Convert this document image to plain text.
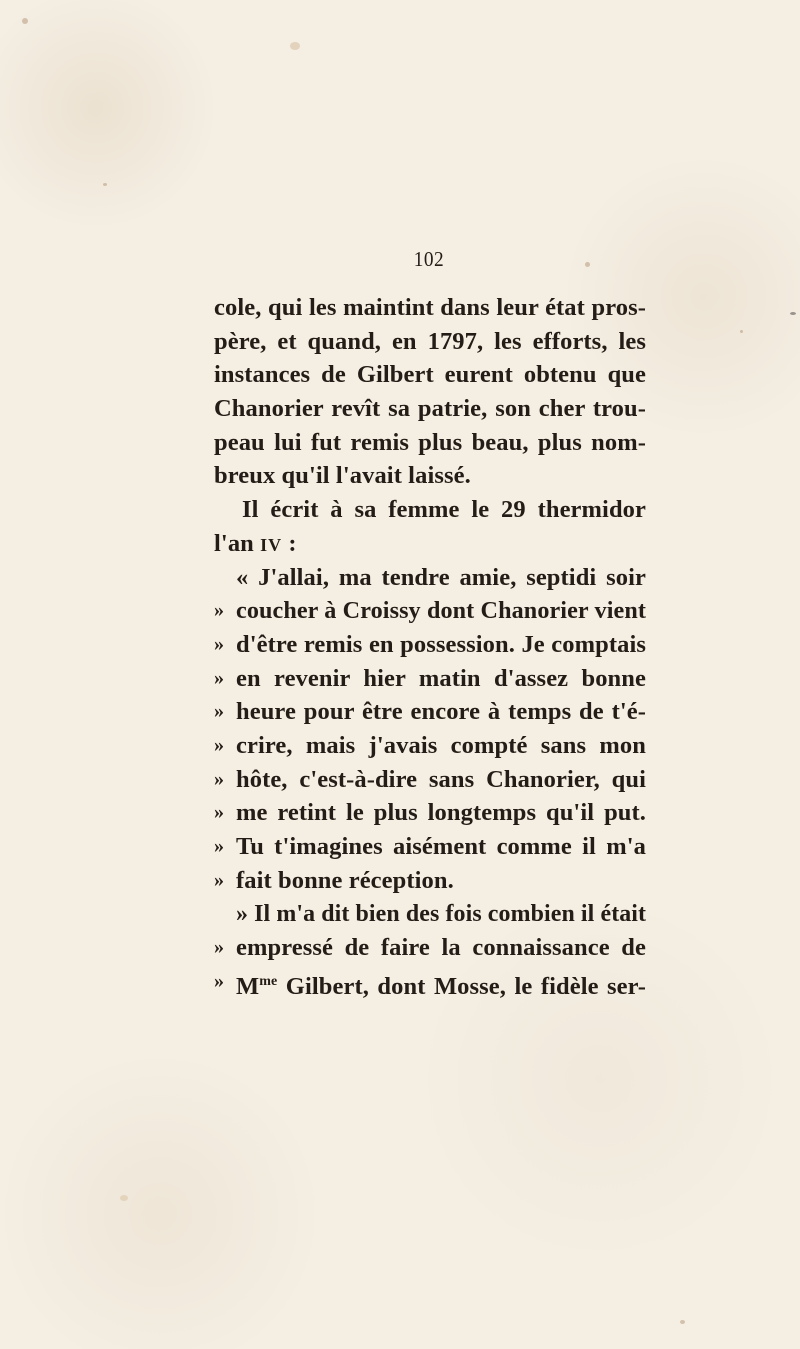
102
cole, qui les maintint dans leur état pros-
père, et quand, en 1797, les efforts, les
instances de Gilbert eurent obtenu que
Chanorier revît sa patrie, son cher trou-
peau lui fut remis plus beau, plus nom-
breux qu'il l'avait laissé.
Il écrit à sa femme le 29 thermidor
l'an IV :
« J'allai, ma tendre amie, septidi soir
» coucher à Croissy dont Chanorier vient
» d'être remis en possession. Je comptais
» en revenir hier matin d'assez bonne
» heure pour être encore à temps de t'é-
» crire, mais j'avais compté sans mon
» hôte, c'est-à-dire sans Chanorier, qui
» me retint le plus longtemps qu'il put.
» Tu t'imagines aisément comme il m'a
» fait bonne réception.
» Il m'a dit bien des fois combien il était
» empressé de faire la connaissance de
» $M^{me}$ Gilbert, dont Mosse, le fidèle ser-
